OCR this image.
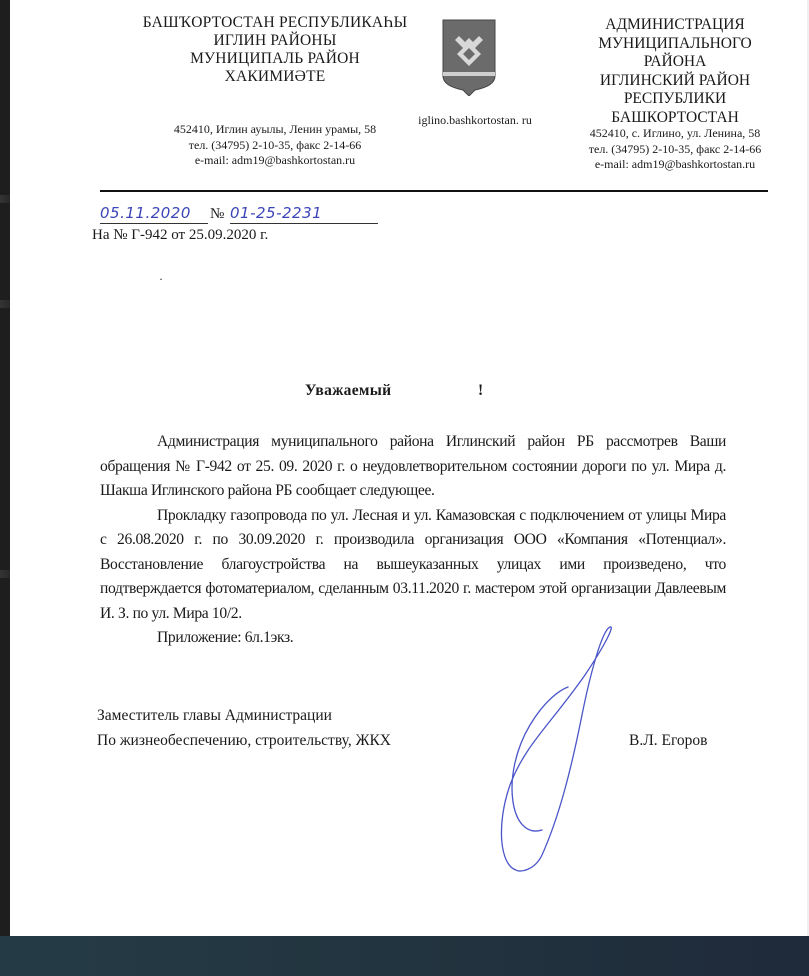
БАШҠОРТОСТАН РЕСПУБЛИКАҺЫ
ИГЛИН РАЙОНЫ
МУНИЦИПАЛЬ РАЙОН
ХАКИМИӘТЕ
452410, Иглин ауылы, Ленин урамы, 58
тел. (34795) 2-10-35, факс 2-14-66
e-mail: adm19@bashkortostan.ru
iglino.bashkortostan. ru
АДМИНИСТРАЦИЯ
МУНИЦИПАЛЬНОГО
РАЙОНА
ИГЛИНСКИЙ РАЙОН
РЕСПУБЛИКИ
БАШКОРТОСТАН
452410, с. Иглино, ул. Ленина, 58
тел. (34795) 2-10-35, факс 2-14-66
e-mail: adm19@bashkortostan.ru
05.11.2020	№ 01-25-2231
На № Г-942 от 25.09.2020 г.
·
Уважаемый	!

Администрация муниципального района Иглинский район РБ рассмотрев Ваши обращения № Г-942 от 25. 09. 2020 г. о неудовлетворительном состоянии дороги по ул. Мира д. Шакша Иглинского района РБ сообщает следующее.

Прокладку газопровода по ул. Лесная и ул. Камазовская с подключением от улицы Мира с 26.08.2020 г. по 30.09.2020 г. производила организация ООО «Компания «Потенциал». Восстановление благоустройства на вышеуказанных улицах ими произведено, что подтверждается фотоматериалом, сделанным 03.11.2020 г. мастером этой организации Давлеевым И. З. по ул. Мира 10/2.

Приложение: 6л.1экз.

Заместитель главы Администрации
По жизнеобеспечению, строительству, ЖКХ	В.Л. Егоров
